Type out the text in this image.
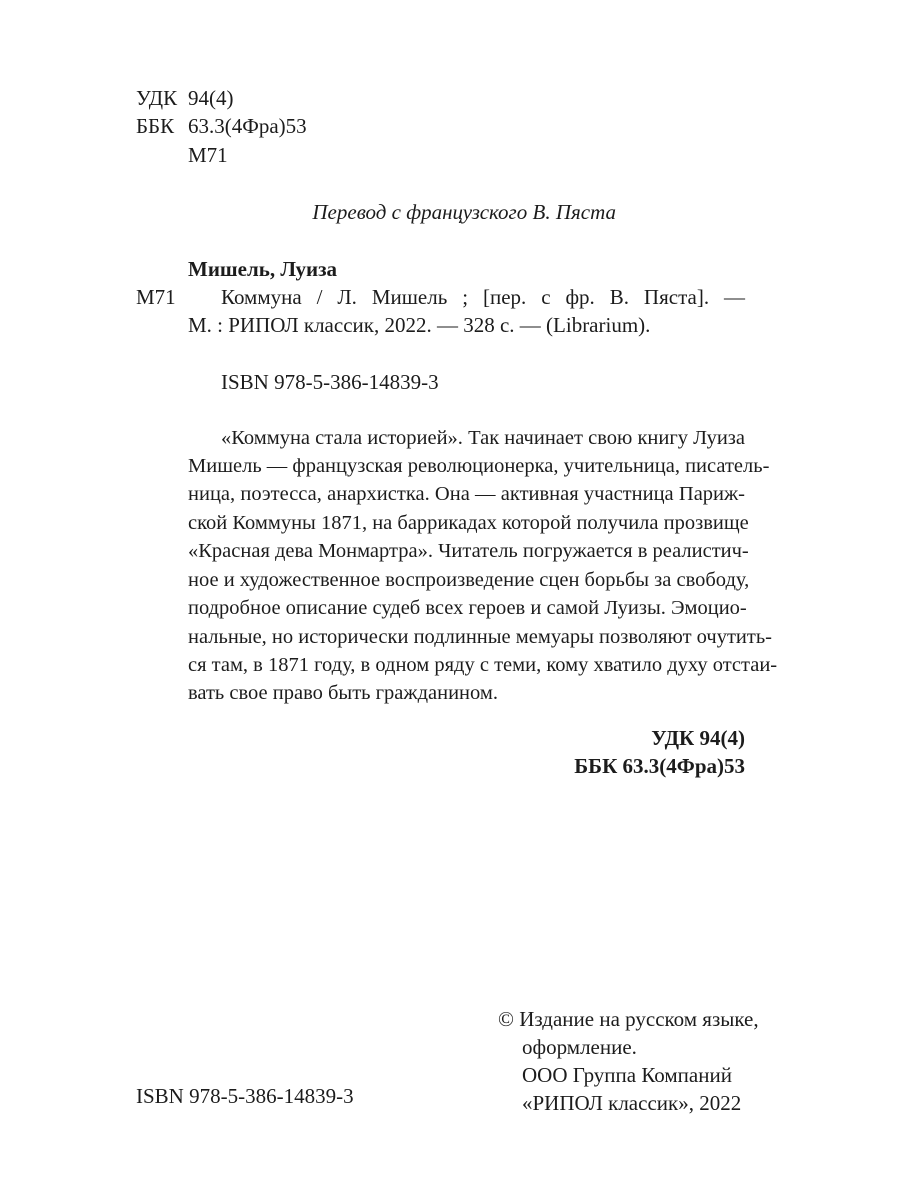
УДК 94(4)
ББК 63.3(4Фра)53
М71
Перевод с французского В. Пяста
Мишель, Луиза
М71 Коммуна / Л. Мишель ; [пер. с фр. В. Пяста]. —
М. : РИПОЛ классик, 2022. — 328 с. — (Librarium).
ISBN 978-5-386-14839-3
«Коммуна стала историей». Так начинает свою книгу Луиза
Мишель — французская революционерка, учительница, писатель-
ница, поэтесса, анархистка. Она — активная участница Париж-
ской Коммуны 1871, на баррикадах которой получила прозвище
«Красная дева Монмартра». Читатель погружается в реалистич-
ное и художественное воспроизведение сцен борьбы за свободу,
подробное описание судеб всех героев и самой Луизы. Эмоцио-
нальные, но исторически подлинные мемуары позволяют очутить-
ся там, в 1871 году, в одном ряду с теми, кому хватило духу отстаи-
вать свое право быть гражданином.
УДК 94(4)
ББК 63.3(4Фра)53
© Издание на русском языке,
оформление.
ООО Группа Компаний
«РИПОЛ классик», 2022
ISBN 978-5-386-14839-3
